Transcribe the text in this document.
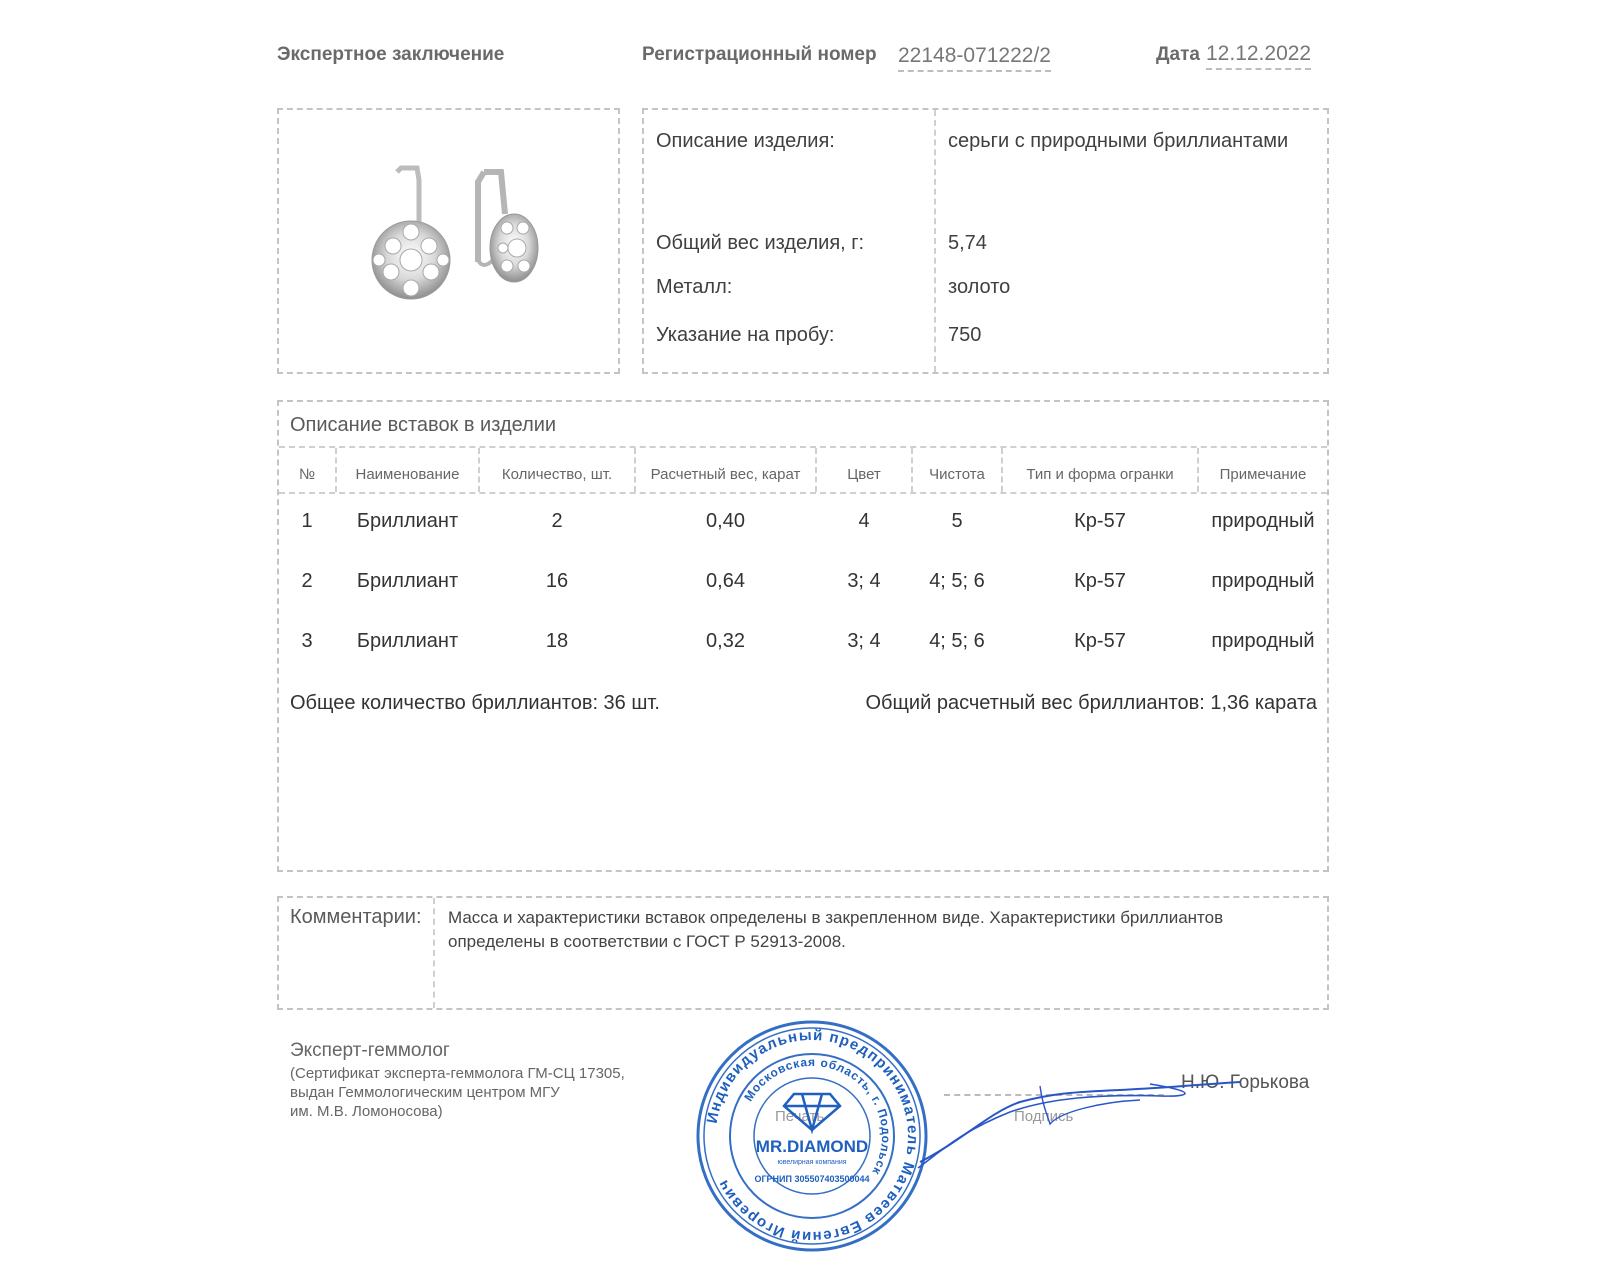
Экспертное заключение	Регистрационный номер 22148-071222/2	Дата 12.12.2022
Описание изделия:	серьги с природными бриллиантами
Общий вес изделия, г:	5,74
Металл:	золото
Указание на пробу:	750
Описание вставок в изделии
№	Наименование	Количество, шт.	Расчетный вес, карат	Цвет	Чистота	Тип и форма огранки	Примечание
1	Бриллиант	2	0,40	4	5	Кр-57	природный
2	Бриллиант	16	0,64	3; 4	4; 5; 6	Кр-57	природный
3	Бриллиант	18	0,32	3; 4	4; 5; 6	Кр-57	природный
Общее количество бриллиантов: 36 шт.	Общий расчетный вес бриллиантов: 1,36 карата
Комментарии: Масса и характеристики вставок определены в закрепленном виде. Характеристики бриллиантов
определены в соответствии с ГОСТ Р 52913-2008.
Эксперт-геммолог
(Сертификат эксперта-геммолога ГМ-СЦ 17305,
выдан Геммологическим центром МГУ
им. М.В. Ломоносова)	Подпись
Печать
Н.Ю. Горькова
Индивидуальный предприниматель Матвеев Евгений Игоревич
Московская область, г. Подольск
MR.DIAMOND
ювелирная компания
ОГРНИП 305507403500044
